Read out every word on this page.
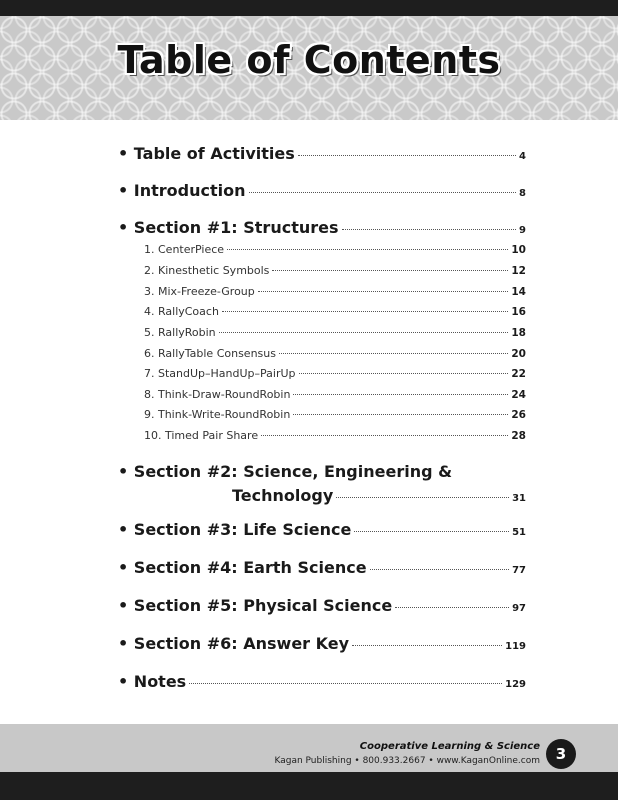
Table of Contents
• Table of Activities	4
• Introduction	8
• Section #1: Structures	9
1. CenterPiece	10
2. Kinesthetic Symbols	12
3. Mix-Freeze-Group	14
4. RallyCoach	16
5. RallyRobin	18
6. RallyTable Consensus	20
7. StandUp–HandUp–PairUp	22
8. Think-Draw-RoundRobin	24
9. Think-Write-RoundRobin	26
10. Timed Pair Share	28
• Section #2: Science, Engineering &
Technology	31
• Section #3: Life Science	51
• Section #4: Earth Science	77
• Section #5: Physical Science	97
• Section #6: Answer Key	119
• Notes	129
Cooperative Learning & Science
Kagan Publishing • 800.933.2667 • www.KaganOnline.com	3
